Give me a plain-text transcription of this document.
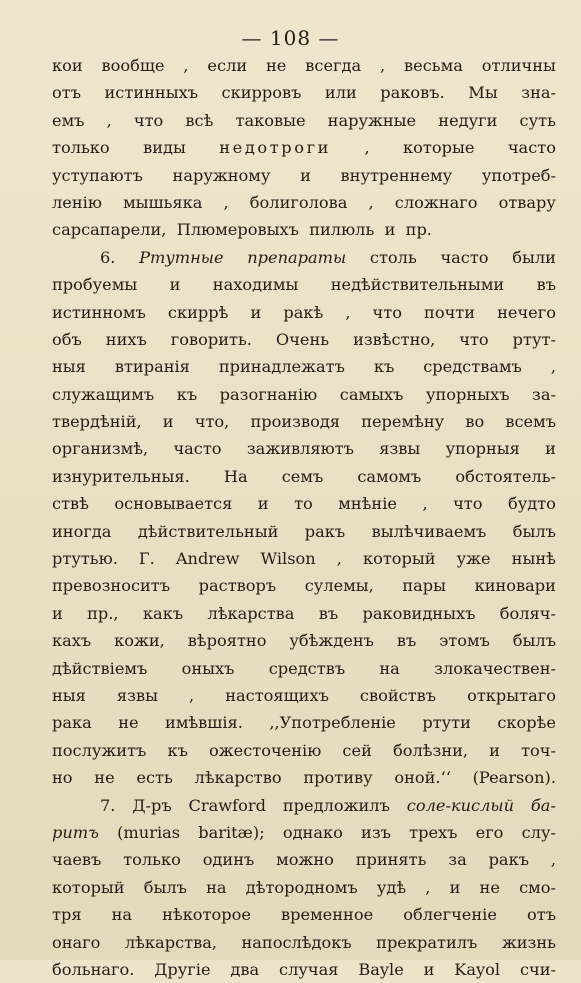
— 108 —
кои вообще , если не всегда , весьма отличны
отъ истинныхъ скирровъ или раковъ. Мы зна-
емъ , что всѣ таковые наружные недуги суть
только виды недотроги , которые часто
уступаютъ наружному и внутреннему употреб-
ленію мышьяка , болиголова , сложнаго отвару
сарсапарели,
Плюмеровыхъ
пилюль
и
пр.
6. Ртутные препараты столь часто были
пробуемы и находимы недѣйствительными въ
истинномъ скиррѣ и ракѣ , что почти нечего
объ нихъ говорить. Очень извѣстно, что ртут-
ныя втиранія принадлежатъ къ средствамъ ,
служащимъ къ разогнанію самыхъ упорныхъ за-
твердѣній, и что, производя перемѣну во всемъ
организмѣ, часто заживляютъ язвы упорныя и
изнурительныя. На семъ самомъ обстоятель-
ствѣ основывается и то мнѣніе , что будто
иногда дѣйствительный ракъ вылѣчиваемъ былъ
ртутью. Г. Andrew Wilson , который уже нынѣ
превозноситъ растворъ сулемы, пары киновари
и пр., какъ лѣкарства въ раковидныхъ боляч-
кахъ кожи, вѣроятно убѣжденъ въ этомъ былъ
дѣйствіемъ оныхъ средствъ на злокачествен-
ныя язвы , настоящихъ свойствъ открытаго
рака не имѣвшія. ,,Употребленіе ртути скорѣе
послужитъ къ ожесточенію сей болѣзни, и точ-
но не есть лѣкарство противу оной.‘‘ (Pearson).
7. Д-ръ Crawford предложилъ соле-кислый ба-
ритъ (murias baritæ); однако изъ трехъ его слу-
чаевъ только одинъ можно принять за ракъ ,
который былъ на дѣтородномъ удѣ , и не смо-
тря на нѣкоторое временное облегченіе отъ
онаго лѣкарства, напослѣдокъ прекратилъ жизнь
больнаго. Другіе два случая Bayle и Kayol счи-
